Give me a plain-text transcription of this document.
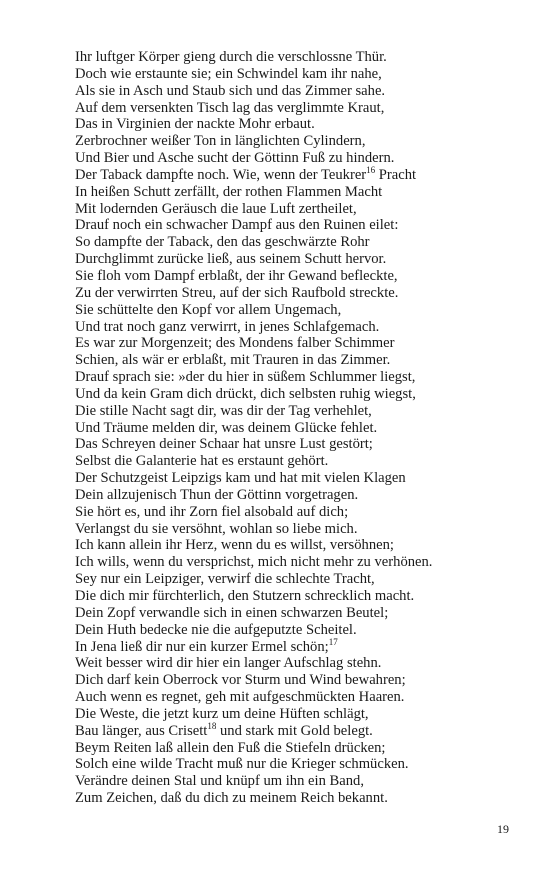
Ihr luftger Körper gieng durch die verschlossne Thür.
Doch wie erstaunte sie; ein Schwindel kam ihr nahe,
Als sie in Asch und Staub sich und das Zimmer sahe.
Auf dem versenkten Tisch lag das verglimmte Kraut,
Das in Virginien der nackte Mohr erbaut.
Zerbrochner weißer Ton in länglichten Cylindern,
Und Bier und Asche sucht der Göttinn Fuß zu hindern.
Der Taback dampfte noch. Wie, wenn der Teukrer$^{16}$ Pracht
In heißen Schutt zerfällt, der rothen Flammen Macht
Mit lodernden Geräusch die laue Luft zertheilet,
Drauf noch ein schwacher Dampf aus den Ruinen eilet:
So dampfte der Taback, den das geschwärzte Rohr
Durchglimmt zurücke ließ, aus seinem Schutt hervor.
Sie floh vom Dampf erblaßt, der ihr Gewand befleckte,
Zu der verwirrten Streu, auf der sich Raufbold streckte.
Sie schüttelte den Kopf vor allem Ungemach,
Und trat noch ganz verwirrt, in jenes Schlafgemach.
Es war zur Morgenzeit; des Mondens falber Schimmer
Schien, als wär er erblaßt, mit Trauren in das Zimmer.
Drauf sprach sie: »der du hier in süßem Schlummer liegst,
Und da kein Gram dich drückt, dich selbsten ruhig wiegst,
Die stille Nacht sagt dir, was dir der Tag verhehlet,
Und Träume melden dir, was deinem Glücke fehlet.
Das Schreyen deiner Schaar hat unsre Lust gestört;
Selbst die Galanterie hat es erstaunt gehört.
Der Schutzgeist Leipzigs kam und hat mit vielen Klagen
Dein allzujenisch Thun der Göttinn vorgetragen.
Sie hört es, und ihr Zorn fiel alsobald auf dich;
Verlangst du sie versöhnt, wohlan so liebe mich.
Ich kann allein ihr Herz, wenn du es willst, versöhnen;
Ich wills, wenn du versprichst, mich nicht mehr zu verhönen.
Sey nur ein Leipziger, verwirf die schlechte Tracht,
Die dich mir fürchterlich, den Stutzern schrecklich macht.
Dein Zopf verwandle sich in einen schwarzen Beutel;
Dein Huth bedecke nie die aufgeputzte Scheitel.
In Jena ließ dir nur ein kurzer Ermel schön;$^{17}$
Weit besser wird dir hier ein langer Aufschlag stehn.
Dich darf kein Oberrock vor Sturm und Wind bewahren;
Auch wenn es regnet, geh mit aufgeschmückten Haaren.
Die Weste, die jetzt kurz um deine Hüften schlägt,
Bau länger, aus Crisett$^{18}$ und stark mit Gold belegt.
Beym Reiten laß allein den Fuß die Stiefeln drücken;
Solch eine wilde Tracht muß nur die Krieger schmücken.
Verändre deinen Stal und knüpf um ihn ein Band,
Zum Zeichen, daß du dich zu meinem Reich bekannt.
19
